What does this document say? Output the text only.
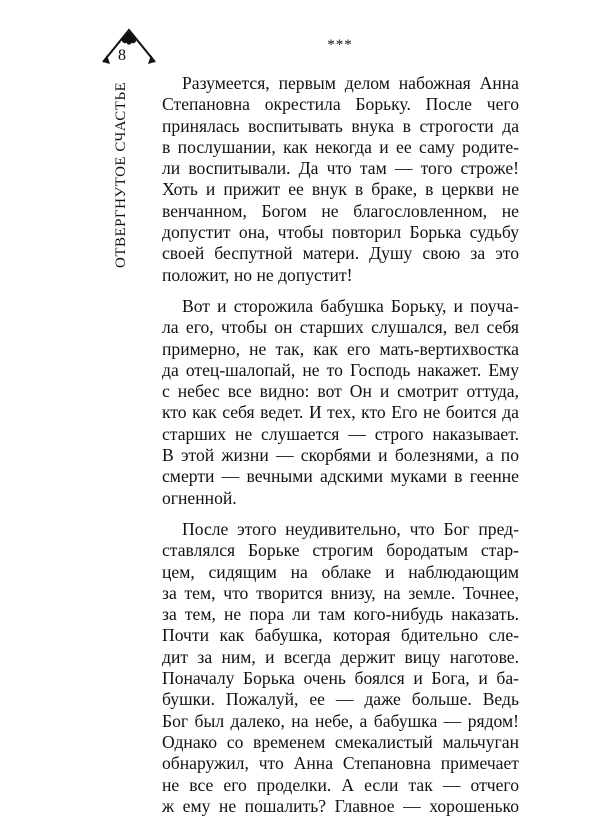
8
ОТВЕРГНУТОЕ СЧАСТЬЕ
***

Разумеется, первым делом набожная Анна
Степановна окрестила Борьку. После чего
принялась воспитывать внука в строгости да
в послушании, как некогда и ее саму родите-
ли воспитывали. Да что там — того строже!
Хоть и прижит ее внук в браке, в церкви не
венчанном, Богом не благословленном, не
допустит она, чтобы повторил Борька судьбу
своей беспутной матери. Душу свою за это
положит, но не допустит!

Вот и сторожила бабушка Борьку, и поуча-
ла его, чтобы он старших слушался, вел себя
примерно, не так, как его мать-вертихвостка
да отец-шалопай, не то Господь накажет. Ему
с небес все видно: вот Он и смотрит оттуда,
кто как себя ведет. И тех, кто Его не боится да
старших не слушается — строго наказывает.
В этой жизни — скорбями и болезнями, а по
смерти — вечными адскими муками в геенне
огненной.

После этого неудивительно, что Бог пред-
ставлялся Борьке строгим бородатым стар-
цем, сидящим на облаке и наблюдающим
за тем, что творится внизу, на земле. Точнее,
за тем, не пора ли там кого-нибудь наказать.
Почти как бабушка, которая бдительно сле-
дит за ним, и всегда держит вицу наготове.
Поначалу Борька очень боялся и Бога, и ба-
бушки. Пожалуй, ее — даже больше. Ведь
Бог был далеко, на небе, а бабушка — рядом!
Однако со временем смекалистый мальчуган
обнаружил, что Анна Степановна примечает
не все его проделки. А если так — отчего
ж ему не пошалить? Главное — хорошенько
